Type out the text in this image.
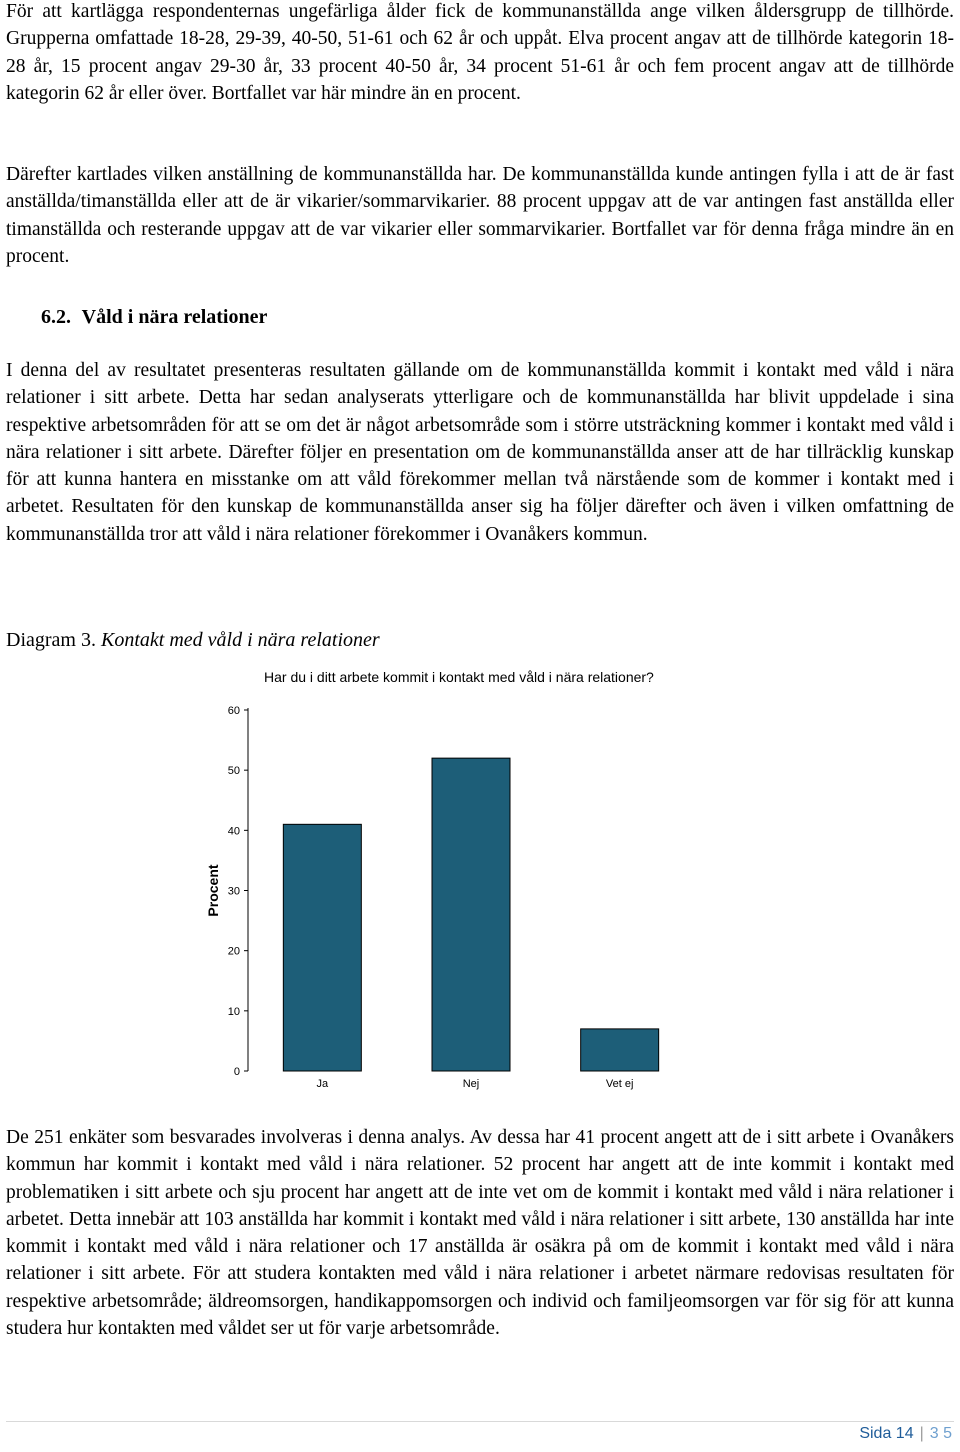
För att kartlägga respondenternas ungefärliga ålder fick de kommunanställda ange vilken åldersgrupp de tillhörde. Grupperna omfattade 18-28, 29-39, 40-50, 51-61 och 62 år och uppåt. Elva procent angav att de tillhörde kategorin 18-28 år, 15 procent angav 29-30 år, 33 procent 40-50 år, 34 procent 51-61 år och fem procent angav att de tillhörde kategorin 62 år eller över. Bortfallet var här mindre än en procent.

Därefter kartlades vilken anställning de kommunanställda har. De kommunanställda kunde antingen fylla i att de är fast anställda/timanställda eller att de är vikarier/sommarvikarier. 88 procent uppgav att de var antingen fast anställda eller timanställda och resterande uppgav att de var vikarier eller sommarvikarier. Bortfallet var för denna fråga mindre än en procent.

6.2. Våld i nära relationer

I denna del av resultatet presenteras resultaten gällande om de kommunanställda kommit i kontakt med våld i nära relationer i sitt arbete. Detta har sedan analyserats ytterligare och de kommunanställda har blivit uppdelade i sina respektive arbetsområden för att se om det är något arbetsområde som i större utsträckning kommer i kontakt med våld i nära relationer i sitt arbete. Därefter följer en presentation om de kommunanställda anser att de har tillräcklig kunskap för att kunna hantera en misstanke om att våld förekommer mellan två närstående som de kommer i kontakt med i arbetet. Resultaten för den kunskap de kommunanställda anser sig ha följer därefter och även i vilken omfattning de kommunanställda tror att våld i nära relationer förekommer i Ovanåkers kommun.

Diagram 3. Kontakt med våld i nära relationer
Har du i ditt arbete kommit i kontakt med våld i nära relationer?
0
10
20
30
40
50
60
Procent
Ja	Nej	Vet ej

De 251 enkäter som besvarades involveras i denna analys. Av dessa har 41 procent angett att de i sitt arbete i Ovanåkers kommun har kommit i kontakt med våld i nära relationer. 52 procent har angett att de inte kommit i kontakt med problematiken i sitt arbete och sju procent har angett att de inte vet om de kommit i kontakt med våld i nära relationer i arbetet. Detta innebär att 103 anställda har kommit i kontakt med våld i nära relationer i sitt arbete, 130 anställda har inte kommit i kontakt med våld i nära relationer och 17 anställda är osäkra på om de kommit i kontakt med våld i nära relationer i sitt arbete. För att studera kontakten med våld i nära relationer i arbetet närmare redovisas resultaten för respektive arbetsområde; äldreomsorgen, handikappomsorgen och individ och familjeomsorgen var för sig för att kunna studera hur kontakten med våldet ser ut för varje arbetsområde.

Sida 14 | 3 5
